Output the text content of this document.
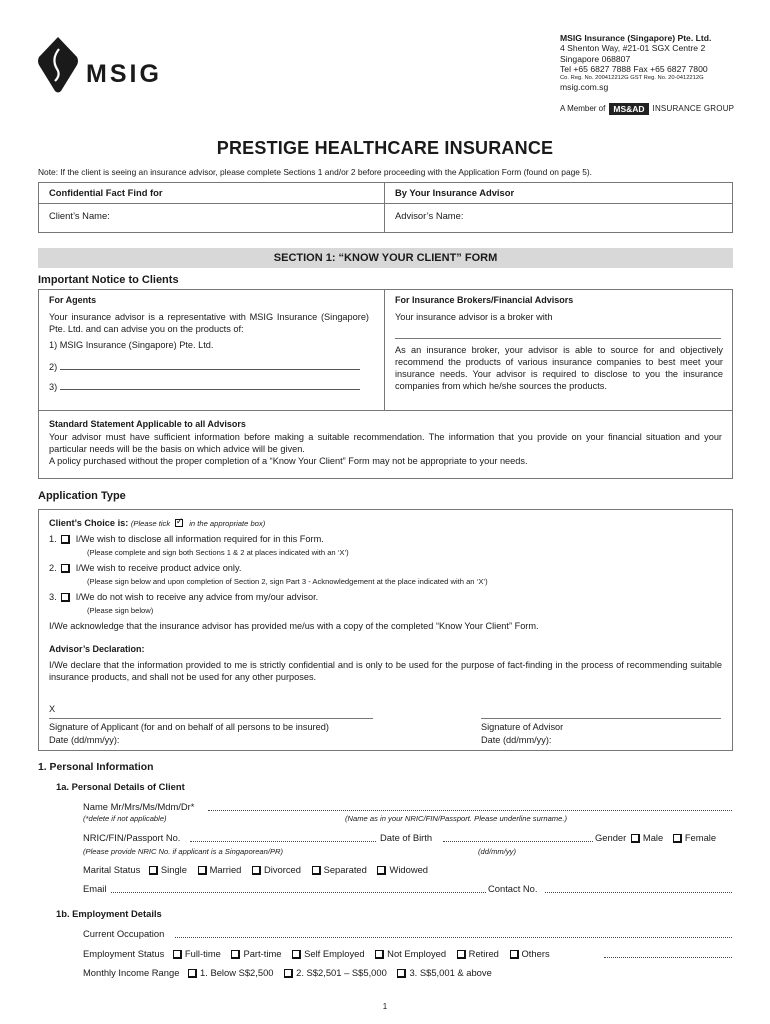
MSIG
MSIG Insurance (Singapore) Pte. Ltd.
4 Shenton Way, #21-01 SGX Centre 2
Singapore 068807
Tel +65 6827 7888 Fax +65 6827 7800
Co. Reg. No. 200412212G GST Reg. No. 20-0412212G
msig.com.sg
A Member of MS&AD	INSURANCE GROUP
PRESTIGE HEALTHCARE INSURANCE
Note: If the client is seeing an insurance advisor, please complete Sections 1 and/or 2 before proceeding with the Application Form (found on page 5).
Confidential Fact Find for	By Your Insurance Advisor
Client’s Name:	Advisor’s Name:
SECTION 1: “KNOW YOUR CLIENT” FORM
Important Notice to Clients
For Agents
Your insurance advisor is a representative with MSIG Insurance (Singapore) Pte. Ltd. and can advise you on the products of:
1) MSIG Insurance (Singapore) Pte. Ltd.
2)
3)
For Insurance Brokers/Financial Advisors
Your insurance advisor is a broker with
As an insurance broker, your advisor is able to source for and objectively recommend the products of various insurance companies to best meet your insurance needs. Your advisor is required to disclose to you the insurance companies from which he/she sources the products.
Standard Statement Applicable to all Advisors
Your advisor must have sufficient information before making a suitable recommendation. The information that you provide on your financial situation and your particular needs will be the basis on which advice will be given.
A policy purchased without the proper completion of a “Know Your Client” Form may not be appropriate to your needs.
Application Type
Client’s Choice is: (Please tick ✓ in the appropriate box)
1. I/We wish to disclose all information required for in this Form.
(Please complete and sign both Sections 1 & 2 at places indicated with an ‘X’)
2. I/We wish to receive product advice only.
(Please sign below and upon completion of Section 2, sign Part 3 - Acknowledgement at the place indicated with an ‘X’)
3. I/We do not wish to receive any advice from my/our advisor.
(Please sign below)
I/We acknowledge that the insurance advisor has provided me/us with a copy of the completed “Know Your Client” Form.
Advisor’s Declaration:
I/We declare that the information provided to me is strictly confidential and is only to be used for the purpose of fact-finding in the process of recommending suitable insurance products, and shall not be used for any other purposes.
X
Signature of Applicant (for and on behalf of all persons to be insured)	Signature of Advisor
Date (dd/mm/yy):	Date (dd/mm/yy):
1. Personal Information
1a. Personal Details of Client
Name Mr/Mrs/Ms/Mdm/Dr*
(*delete if not applicable)	(Name as in your NRIC/FIN/Passport. Please underline surname.)
NRIC/FIN/Passport No.	Date of Birth	Gender Male Female
(Please provide NRIC No. if applicant is a Singaporean/PR)	(dd/mm/yy)
Marital Status Single Married Divorced Separated Widowed
Email	Contact No.
1b. Employment Details
Current Occupation
Employment Status Full-time Part-time Self Employed Not Employed Retired Others
Monthly Income Range 1. Below S$2,500 2. S$2,501 – S$5,000 3. S$5,001 & above
1
